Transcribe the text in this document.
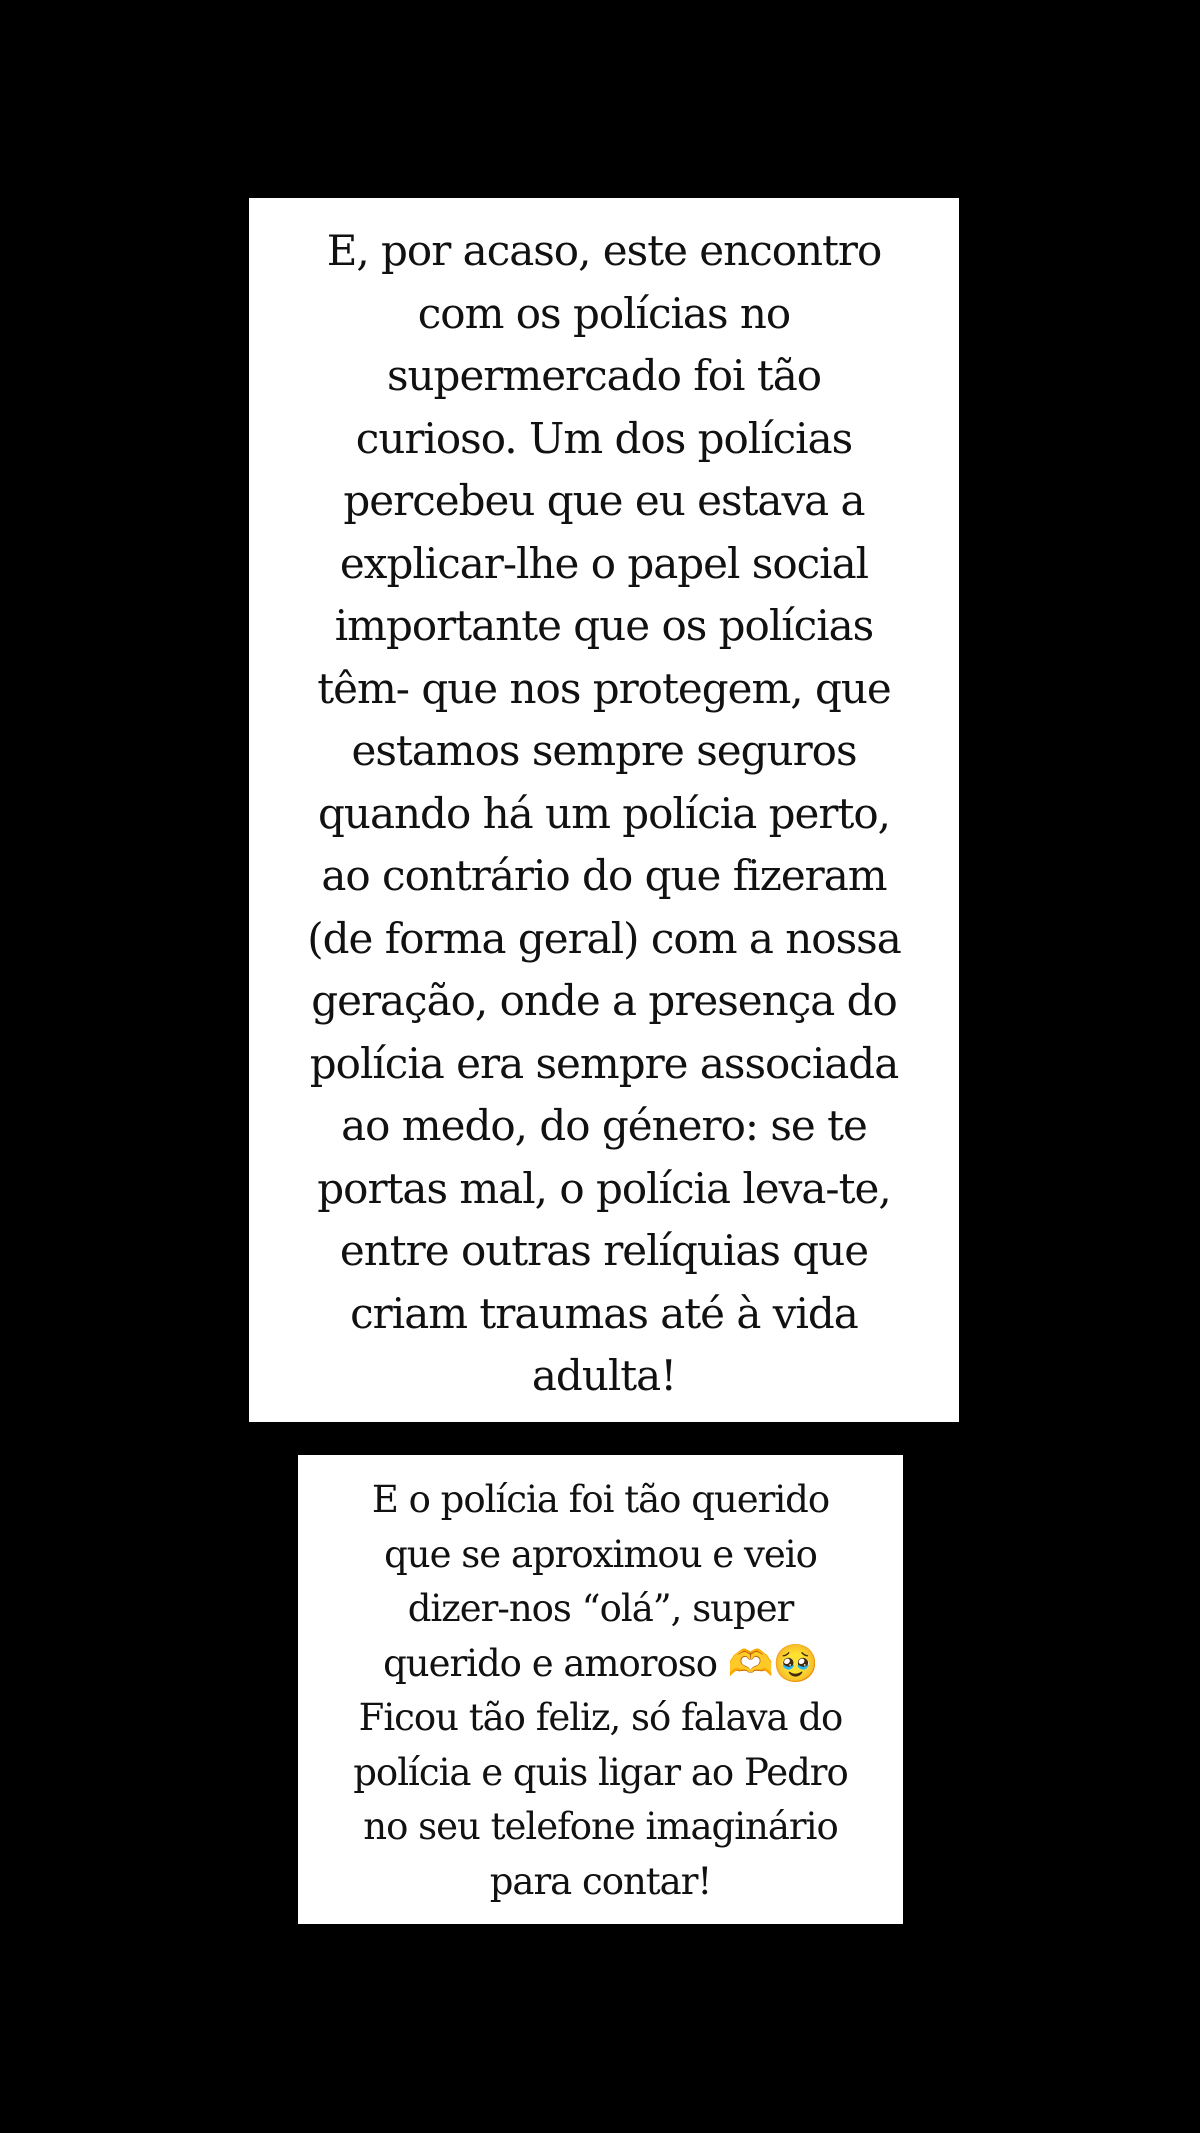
E, por acaso, este encontro
com os polícias no
supermercado foi tão
curioso. Um dos polícias
percebeu que eu estava a
explicar-lhe o papel social
importante que os polícias
têm- que nos protegem, que
estamos sempre seguros
quando há um polícia perto,
ao contrário do que fizeram
(de forma geral) com a nossa
geração, onde a presença do
polícia era sempre associada
ao medo, do género: se te
portas mal, o polícia leva-te,
entre outras relíquias que
criam traumas até à vida
adulta!

E o polícia foi tão querido
que se aproximou e veio
dizer-nos “olá”, super
querido e amoroso 🫶🥹
Ficou tão feliz, só falava do
polícia e quis ligar ao Pedro
no seu telefone imaginário
para contar!
